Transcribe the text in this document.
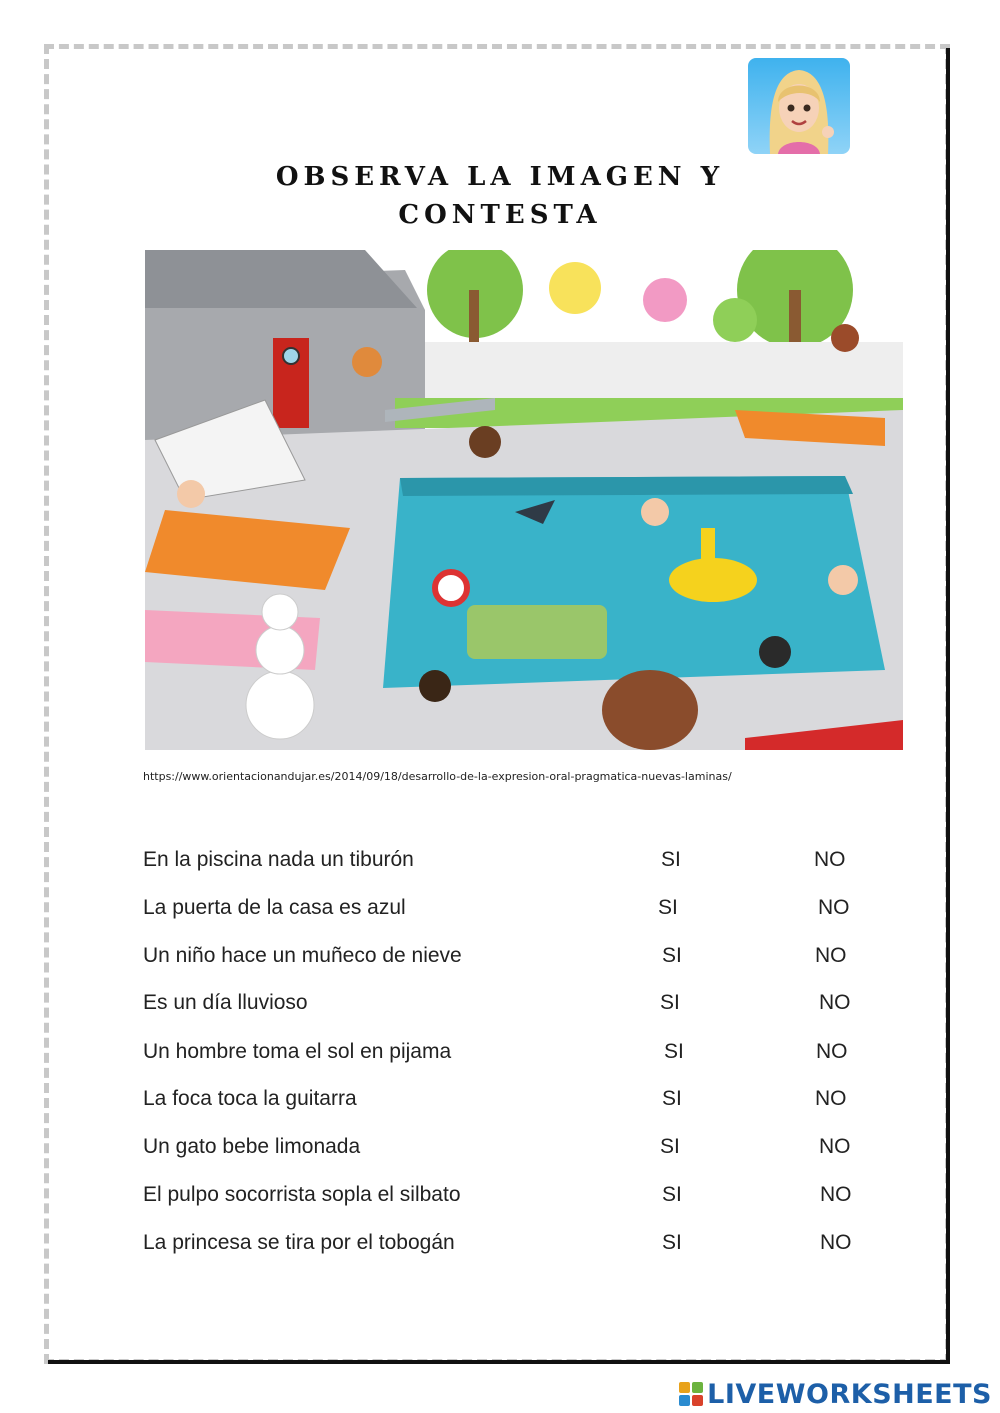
OBSERVA LA IMAGEN Y
CONTESTA
https://www.orientacionandujar.es/2014/09/18/desarrollo-de-la-expresion-oral-pragmatica-nuevas-laminas/
En la piscina nada un tiburón	SI	NO
La puerta de la casa es azul	SI	NO
Un niño hace un muñeco de nieve	SI	NO
Es un día lluvioso	SI	NO
Un hombre toma el sol en pijama	SI	NO
La foca toca la guitarra	SI	NO
Un gato bebe limonada	SI	NO
El pulpo socorrista sopla el silbato	SI	NO
La princesa se tira por el tobogán	SI	NO
LIVEWORKSHEETS
